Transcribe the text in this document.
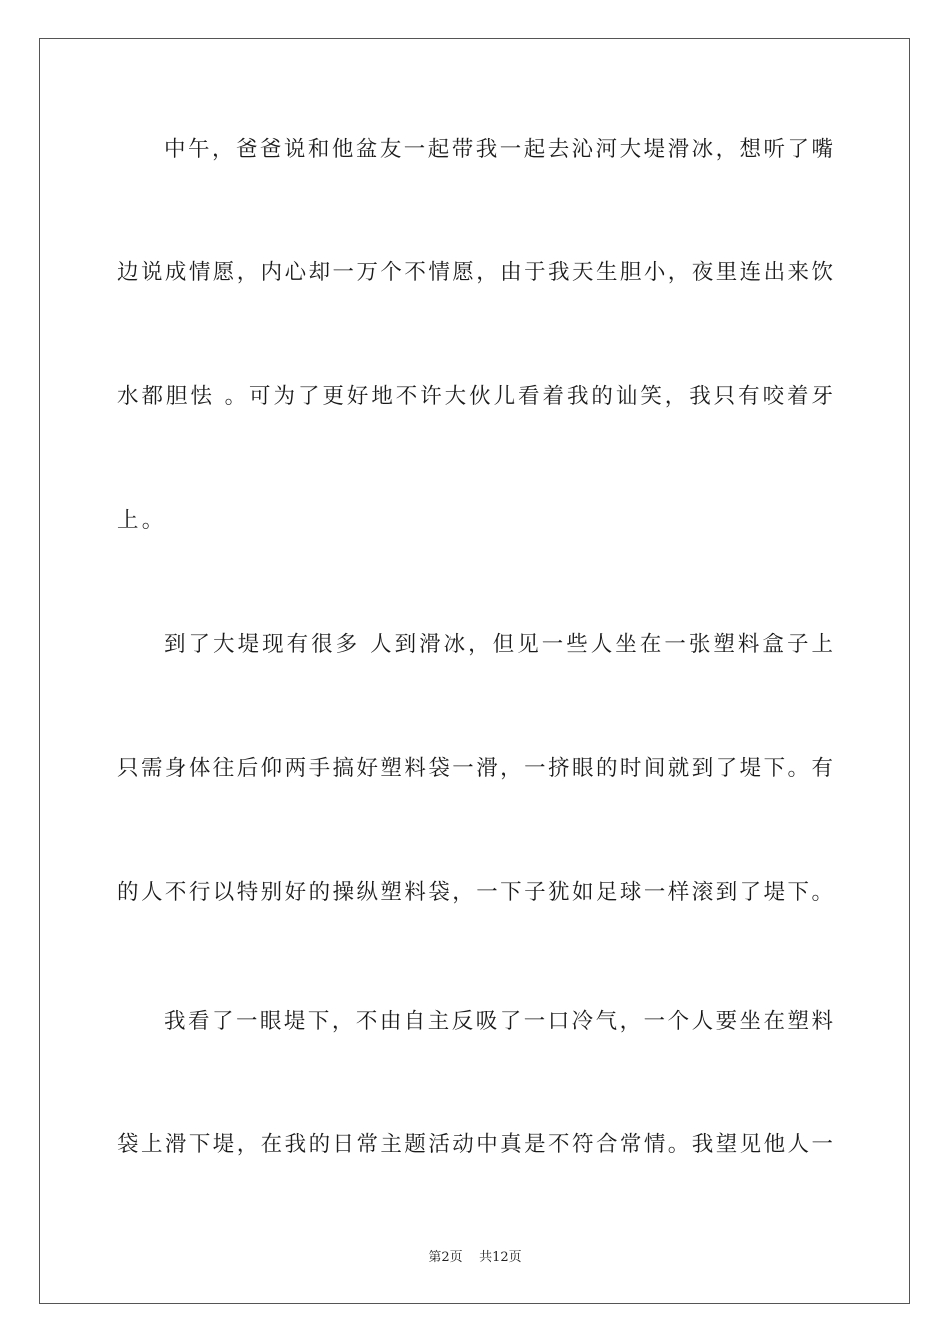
中午，爸爸说和他盆友一起带我一起去沁河大堤滑冰，想听了嘴
边说成情愿，内心却一万个不情愿，由于我天生胆小，夜里连出来饮
水都胆怯 。可为了更好地不许大伙儿看着我的讪笑，我只有咬着牙
上。
到了大堤现有很多 人到滑冰，但见一些人坐在一张塑料盒子上
只需身体往后仰两手搞好塑料袋一滑，一挤眼的时间就到了堤下。有
的人不行以特别好的操纵塑料袋，一下子犹如足球一样滚到了堤下。
我看了一眼堤下，不由自主反吸了一口冷气，一个人要坐在塑料
袋上滑下堤，在我的日常主题活动中真是不符合常情。我望见他人一
第2页 共12页
